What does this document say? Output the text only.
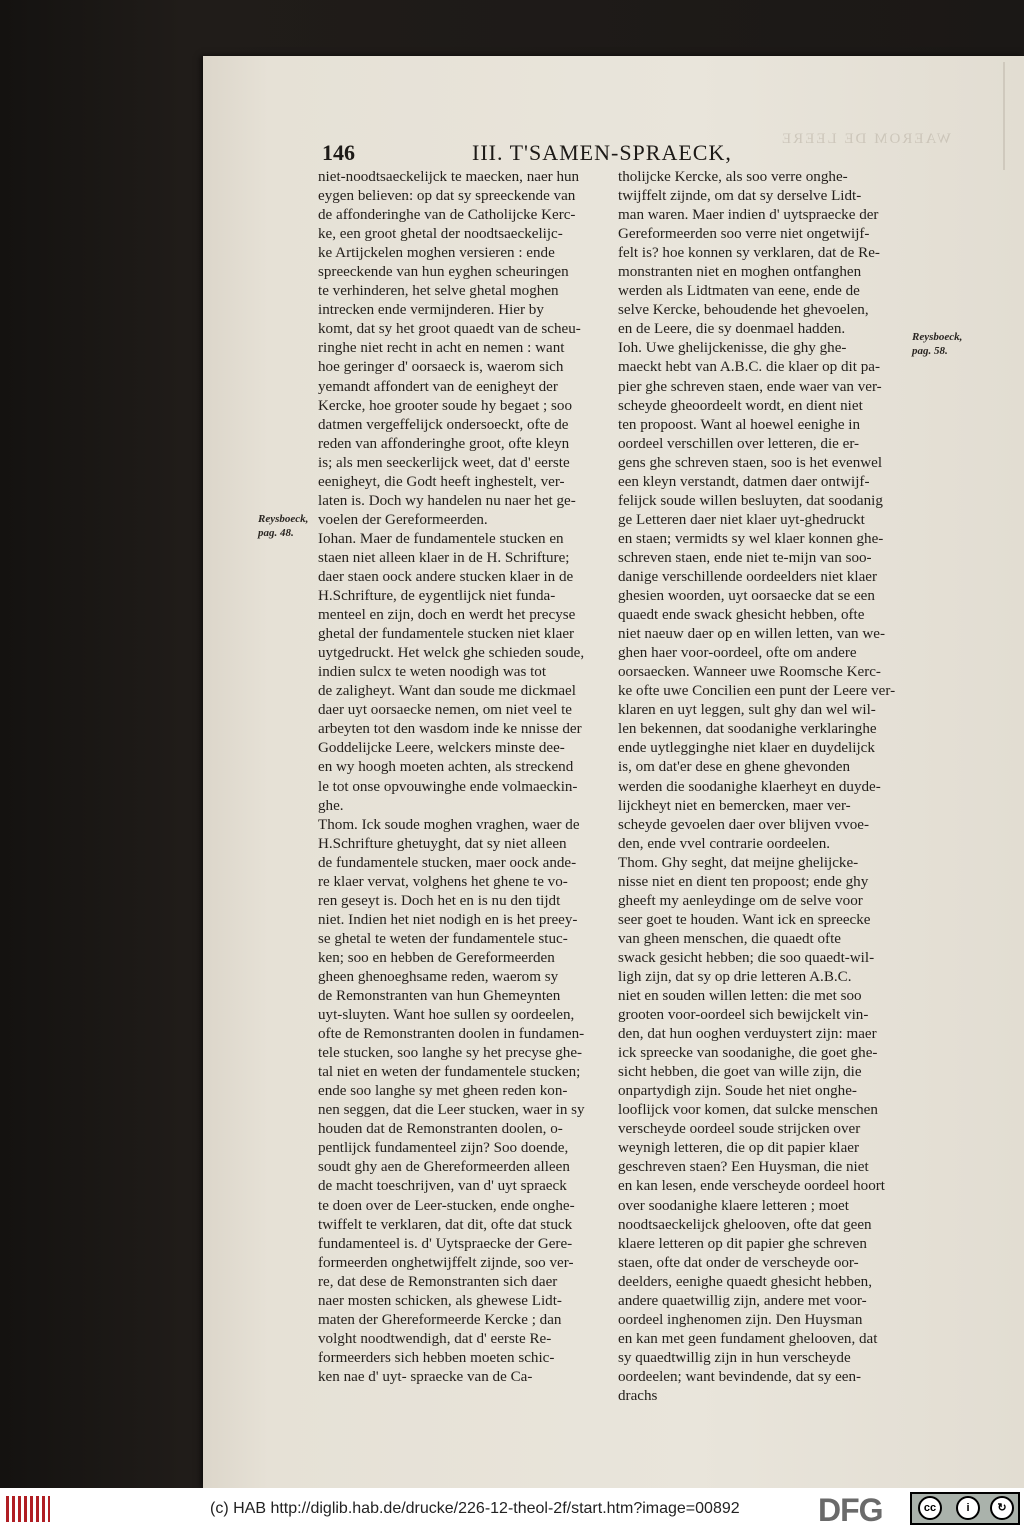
WAEROM DE LEERE
146	III. T'SAMEN-SPRAECK,
Reysboeck, pag. 48.
Reysboeck, pag. 58.
niet-noodtsaeckelijck te maecken, naer hun
eygen believen: op dat sy spreeckende van
de affonderinghe van de Catholijcke Kerc-
ke, een groot ghetal der noodtsaeckelijc-
ke Artijckelen moghen versieren : ende
spreeckende van hun eyghen scheuringen
te verhinderen, het selve ghetal moghen
intrecken ende vermijnderen. Hier by
komt, dat sy het groot quaedt van de scheu-
ringhe niet recht in acht en nemen : want
hoe geringer d' oorsaeck is, waerom sich
yemandt affondert van de eenigheyt der
Kercke, hoe grooter soude hy begaet ; soo
datmen vergeffelijck ondersoeckt, ofte de
reden van affonderinghe groot, ofte kleyn
is; als men seeckerlijck weet, dat d' eerste
eenigheyt, die Godt heeft inghestelt, ver-
laten is. Doch wy handelen nu naer het ge-
voelen der Gereformeerden.
Iohan. Maer de fundamentele stucken en
staen niet alleen klaer in de H. Schrifture;
daer staen oock andere stucken klaer in de
H.Schrifture, de eygentlijck niet funda-
menteel en zijn, doch en werdt het precyse
ghetal der fundamentele stucken niet klaer
uytgedruckt. Het welck ghe schieden soude,
indien sulcx te weten noodigh was tot
de zaligheyt. Want dan soude me dickmael
daer uyt oorsaecke nemen, om niet veel te
arbeyten tot den wasdom inde ke nnisse der
Goddelijcke Leere, welckers minste dee-
en wy hoogh moeten achten, als streckend
le tot onse opvouwinghe ende volmaeckin-
ghe.
Thom. Ick soude moghen vraghen, waer de
H.Schrifture ghetuyght, dat sy niet alleen
de fundamentele stucken, maer oock ande-
re klaer vervat, volghens het ghene te vo-
ren geseyt is. Doch het en is nu den tijdt
niet. Indien het niet nodigh en is het preey-
se ghetal te weten der fundamentele stuc-
ken; soo en hebben de Gereformeerden
gheen ghenoeghsame reden, waerom sy
de Remonstranten van hun Ghemeynten
uyt-sluyten. Want hoe sullen sy oordeelen,
ofte de Remonstranten doolen in fundamen-
tele stucken, soo langhe sy het precyse ghe-
tal niet en weten der fundamentele stucken;
ende soo langhe sy met gheen reden kon-
nen seggen, dat die Leer stucken, waer in sy
houden dat de Remonstranten doolen, o-
pentlijck fundamenteel zijn? Soo doende,
soudt ghy aen de Ghereformeerden alleen
de macht toeschrijven, van d' uyt spraeck
te doen over de Leer-stucken, ende onghe-
twiffelt te verklaren, dat dit, ofte dat stuck
fundamenteel is. d' Uytspraecke der Gere-
formeerden onghetwijffelt zijnde, soo ver-
re, dat dese de Remonstranten sich daer
naer mosten schicken, als ghewese Lidt-
maten der Ghereformeerde Kercke ; dan
volght noodtwendigh, dat d' eerste Re-
formeerders sich hebben moeten schic-
ken nae d' uyt- spraecke van de Ca-
tholijcke Kercke, als soo verre onghe-
twijffelt zijnde, om dat sy derselve Lidt-
man waren. Maer indien d' uytspraecke der
Gereformeerden soo verre niet ongetwijf-
felt is? hoe konnen sy verklaren, dat de Re-
monstranten niet en moghen ontfanghen
werden als Lidtmaten van eene, ende de
selve Kercke, behoudende het ghevoelen,
en de Leere, die sy doenmael hadden.
Ioh. Uwe ghelijckenisse, die ghy ghe-
maeckt hebt van A.B.C. die klaer op dit pa-
pier ghe schreven staen, ende waer van ver-
scheyde gheoordeelt wordt, en dient niet
ten propoost. Want al hoewel eenighe in
oordeel verschillen over letteren, die er-
gens ghe schreven staen, soo is het evenwel
een kleyn verstandt, datmen daer ontwijf-
felijck soude willen besluyten, dat soodanig
ge Letteren daer niet klaer uyt-ghedruckt
en staen; vermidts sy wel klaer konnen ghe-
schreven staen, ende niet te-mijn van soo-
danige verschillende oordeelders niet klaer
ghesien woorden, uyt oorsaecke dat se een
quaedt ende swack ghesicht hebben, ofte
niet naeuw daer op en willen letten, van we-
ghen haer voor-oordeel, ofte om andere
oorsaecken. Wanneer uwe Roomsche Kerc-
ke ofte uwe Concilien een punt der Leere ver-
klaren en uyt leggen, sult ghy dan wel wil-
len bekennen, dat soodanighe verklaringhe
ende uytlegginghe niet klaer en duydelijck
is, om dat'er dese en ghene ghevonden
werden die soodanighe klaerheyt en duyde-
lijckheyt niet en bemercken, maer ver-
scheyde gevoelen daer over blijven vvoe-
den, ende vvel contrarie oordeelen.
Thom. Ghy seght, dat meijne ghelijcke-
nisse niet en dient ten propoost; ende ghy
gheeft my aenleydinge om de selve voor
seer goet te houden. Want ick en spreecke
van gheen menschen, die quaedt ofte
swack gesicht hebben; die soo quaedt-wil-
ligh zijn, dat sy op drie letteren A.B.C.
niet en souden willen letten: die met soo
grooten voor-oordeel sich bewijckelt vin-
den, dat hun ooghen verduystert zijn: maer
ick spreecke van soodanighe, die goet ghe-
sicht hebben, die goet van wille zijn, die
onpartydigh zijn. Soude het niet onghe-
looflijck voor komen, dat sulcke menschen
verscheyde oordeel soude strijcken over
weynigh letteren, die op dit papier klaer
geschreven staen? Een Huysman, die niet
en kan lesen, ende verscheyde oordeel hoort
over soodanighe klaere letteren ; moet
noodtsaeckelijck ghelooven, ofte dat geen
klaere letteren op dit papier ghe schreven
staen, ofte dat onder de verscheyde oor-
deelders, eenighe quaedt ghesicht hebben,
andere quaetwillig zijn, andere met voor-
oordeel inghenomen zijn. Den Huysman
en kan met geen fundament ghelooven, dat
sy quaedtwillig zijn in hun verscheyde
oordeelen; want bevindende, dat sy een-
drachs
(c) HAB http://diglib.hab.de/drucke/226-12-theol-2f/start.htm?image=00892 DFG	cc	i	↻
